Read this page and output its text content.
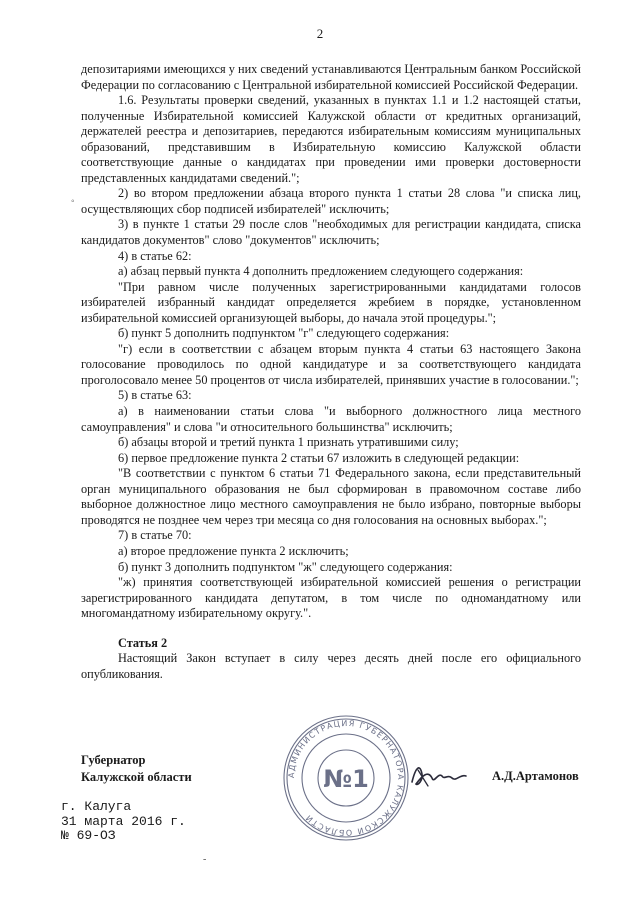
2

депозитариями имеющихся у них сведений устанавливаются Центральным банком Российской Федерации по согласованию с Центральной избирательной комиссией Российской Федерации.

1.6. Результаты проверки сведений, указанных в пунктах 1.1 и 1.2 настоящей статьи, полученные Избирательной комиссией Калужской области от кредитных организаций, держателей реестра и депозитариев, передаются избирательным комиссиям муниципальных образований, представившим в Избирательную комиссию Калужской области соответствующие данные о кандидатах при проведении ими проверки достоверности представленных кандидатами сведений.";

2) во втором предложении абзаца второго пункта 1 статьи 28 слова "и списка лиц, осуществляющих сбор подписей избирателей" исключить;

3) в пункте 1 статьи 29 после слов "необходимых для регистрации кандидата, списка кандидатов документов" слово "документов" исключить;

4) в статье 62:

а) абзац первый пункта 4 дополнить предложением следующего содержания:

"При равном числе полученных зарегистрированными кандидатами голосов избирателей избранный кандидат определяется жребием в порядке, установленном избирательной комиссией организующей выборы, до начала этой процедуры.";

б) пункт 5 дополнить подпунктом "г" следующего содержания:

"г) если в соответствии с абзацем вторым пункта 4 статьи 63 настоящего Закона голосование проводилось по одной кандидатуре и за соответствующего кандидата проголосовало менее 50 процентов от числа избирателей, принявших участие в голосовании.";

5) в статье 63:

а) в наименовании статьи слова "и выборного должностного лица местного самоуправления" и слова "и относительного большинства" исключить;

б) абзацы второй и третий пункта 1 признать утратившими силу;

6) первое предложение пункта 2 статьи 67 изложить в следующей редакции:

"В соответствии с пунктом 6 статьи 71 Федерального закона, если представительный орган муниципального образования не был сформирован в правомочном составе либо выборное должностное лицо местного самоуправления не было избрано, повторные выборы проводятся не позднее чем через три месяца со дня голосования на основных выборах.";

7) в статье 70:

а) второе предложение пункта 2 исключить;

б) пункт 3 дополнить подпунктом "ж" следующего содержания:

"ж) принятия соответствующей избирательной комиссией решения о регистрации зарегистрированного кандидата депутатом, в том числе по одномандатному или многомандатному избирательному округу.".

Статья 2

Настоящий Закон вступает в силу через десять дней после его официального опубликования.

Губернатор
Калужской области	А.Д.Артамонов
г. Калуга
31 марта 2016 г.
№ 69-ОЗ
АДМИНИСТРАЦИЯ ГУБЕРНАТОРА КАЛУЖСКОЙ ОБЛАСТИ
№1
◦
‑
